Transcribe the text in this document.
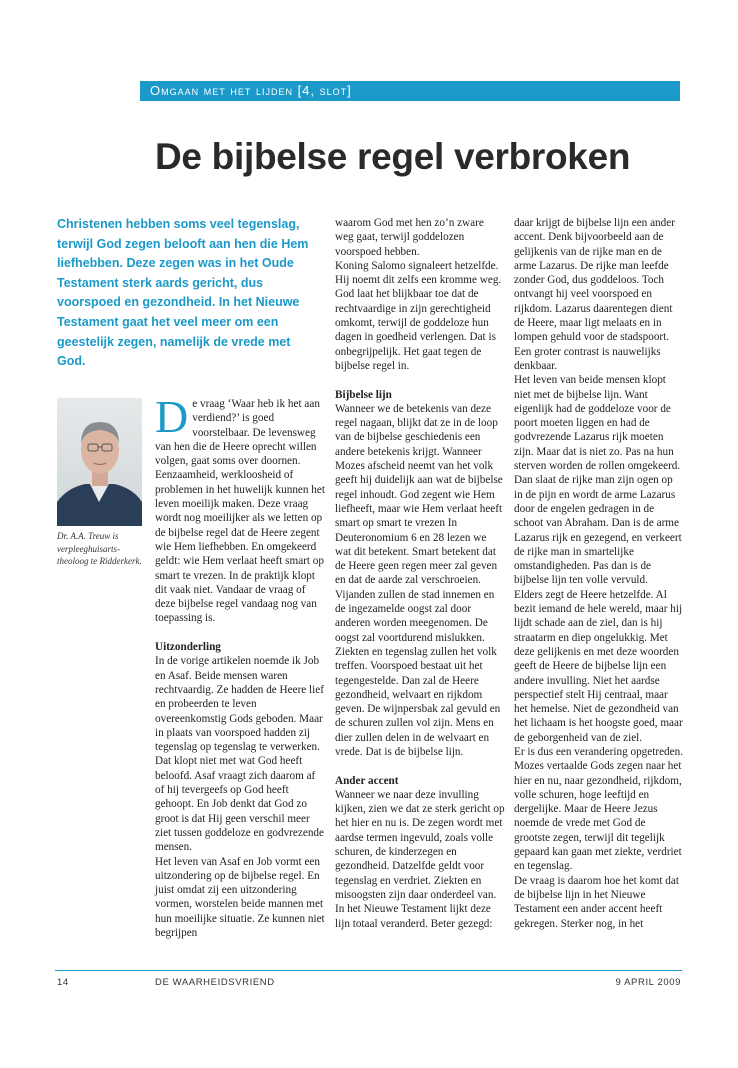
Omgaan met het lijden [4, slot]
De bijbelse regel verbroken

Christenen hebben soms veel tegenslag, terwijl God zegen belooft aan hen die Hem liefhebben. Deze zegen was in het Oude Testament sterk aards gericht, dus voorspoed en gezondheid. In het Nieuwe Testament gaat het veel meer om een geestelijk zegen, namelijk de vrede met God.

Dr. A.A. Treuw is verpleeghuisarts-theoloog te Ridderkerk.

De vraag ‘Waar heb ik het aan verdiend?’ is goed voorstelbaar. De levensweg van hen die de Heere oprecht willen volgen, gaat soms over doornen. Eenzaamheid, werkloosheid of problemen in het huwelijk kunnen het leven moeilijk maken. Deze vraag wordt nog moeilijker als we letten op de bijbelse regel dat de Heere zegent wie Hem liefhebben. En omgekeerd geldt: wie Hem verlaat heeft smart op smart te vrezen. In de praktijk klopt dit vaak niet. Vandaar de vraag of deze bijbelse regel vandaag nog van toepassing is.

Uitzonderling

In de vorige artikelen noemde ik Job en Asaf. Beide mensen waren rechtvaardig. Ze hadden de Heere lief en probeerden te leven overeenkomstig Gods geboden. Maar in plaats van voorspoed hadden zij tegenslag op tegenslag te verwerken. Dat klopt niet met wat God heeft beloofd. Asaf vraagt zich daarom af of hij tevergeefs op God heeft gehoopt. En Job denkt dat God zo groot is dat Hij geen verschil meer ziet tussen goddeloze en godvrezende mensen.

Het leven van Asaf en Job vormt een uitzondering op de bijbelse regel. En juist omdat zij een uitzondering vormen, worstelen beide mannen met hun moeilijke situatie. Ze kunnen niet begrijpen

waarom God met hen zo’n zware weg gaat, terwijl goddelozen voorspoed hebben.

Koning Salomo signaleert hetzelfde. Hij noemt dit zelfs een kromme weg. God laat het blijkbaar toe dat de rechtvaardige in zijn gerechtigheid omkomt, terwijl de goddeloze hun dagen in goedheid verlengen. Dat is onbegrijpelijk. Het gaat tegen de bijbelse regel in.

Bijbelse lijn

Wanneer we de betekenis van deze regel nagaan, blijkt dat ze in de loop van de bijbelse geschiedenis een andere betekenis krijgt. Wanneer Mozes afscheid neemt van het volk geeft hij duidelijk aan wat de bijbelse regel inhoudt. God zegent wie Hem liefheeft, maar wie Hem verlaat heeft smart op smart te vrezen In Deuteronomium 6 en 28 lezen we wat dit betekent. Smart betekent dat de Heere geen regen meer zal geven en dat de aarde zal verschroeien. Vijanden zullen de stad innemen en de ingezamelde oogst zal door anderen worden meegenomen. De oogst zal voortdurend mislukken. Ziekten en tegenslag zullen het volk treffen. Voorspoed bestaat uit het tegengestelde. Dan zal de Heere gezondheid, welvaart en rijkdom geven. De wijnpersbak zal gevuld en de schuren zullen vol zijn. Mens en dier zullen delen in de welvaart en vrede. Dat is de bijbelse lijn.

Ander accent

Wanneer we naar deze invulling kijken, zien we dat ze sterk gericht op het hier en nu is. De zegen wordt met aardse termen ingevuld, zoals volle schuren, de kinderzegen en gezondheid. Datzelfde geldt voor tegenslag en verdriet. Ziekten en misoogsten zijn daar onderdeel van.

In het Nieuwe Testament lijkt deze lijn totaal veranderd. Beter gezegd:

daar krijgt de bijbelse lijn een ander accent. Denk bijvoorbeeld aan de gelijkenis van de rijke man en de arme Lazarus. De rijke man leefde zonder God, dus goddeloos. Toch ontvangt hij veel voorspoed en rijkdom. Lazarus daarentegen dient de Heere, maar ligt melaats en in lompen gehuld voor de stadspoort. Een groter contrast is nauwelijks denkbaar.

Het leven van beide mensen klopt niet met de bijbelse lijn. Want eigenlijk had de goddeloze voor de poort moeten liggen en had de godvrezende Lazarus rijk moeten zijn. Maar dat is niet zo. Pas na hun sterven worden de rollen omgekeerd. Dan slaat de rijke man zijn ogen op in de pijn en wordt de arme Lazarus door de engelen gedragen in de schoot van Abraham. Dan is de arme Lazarus rijk en gezegend, en verkeert de rijke man in smartelijke omstandigheden. Pas dan is de bijbelse lijn ten volle vervuld.

Elders zegt de Heere hetzelfde. Al bezit iemand de hele wereld, maar hij lijdt schade aan de ziel, dan is hij straatarm en diep ongelukkig. Met deze gelijkenis en met deze woorden geeft de Heere de bijbelse lijn een andere invulling. Niet het aardse perspectief stelt Hij centraal, maar het hemelse. Niet de gezondheid van het lichaam is het hoogste goed, maar de geborgenheid van de ziel.

Er is dus een verandering opgetreden. Mozes vertaalde Gods zegen naar het hier en nu, naar gezondheid, rijkdom, volle schuren, hoge leeftijd en dergelijke. Maar de Heere Jezus noemde de vrede met God de grootste zegen, terwijl dit tegelijk gepaard kan gaan met ziekte, verdriet en tegenslag.

De vraag is daarom hoe het komt dat de bijbelse lijn in het Nieuwe Testament een ander accent heeft gekregen. Sterker nog, in het

14	DE WAARHEIDSVRIEND	9 APRIL 2009
